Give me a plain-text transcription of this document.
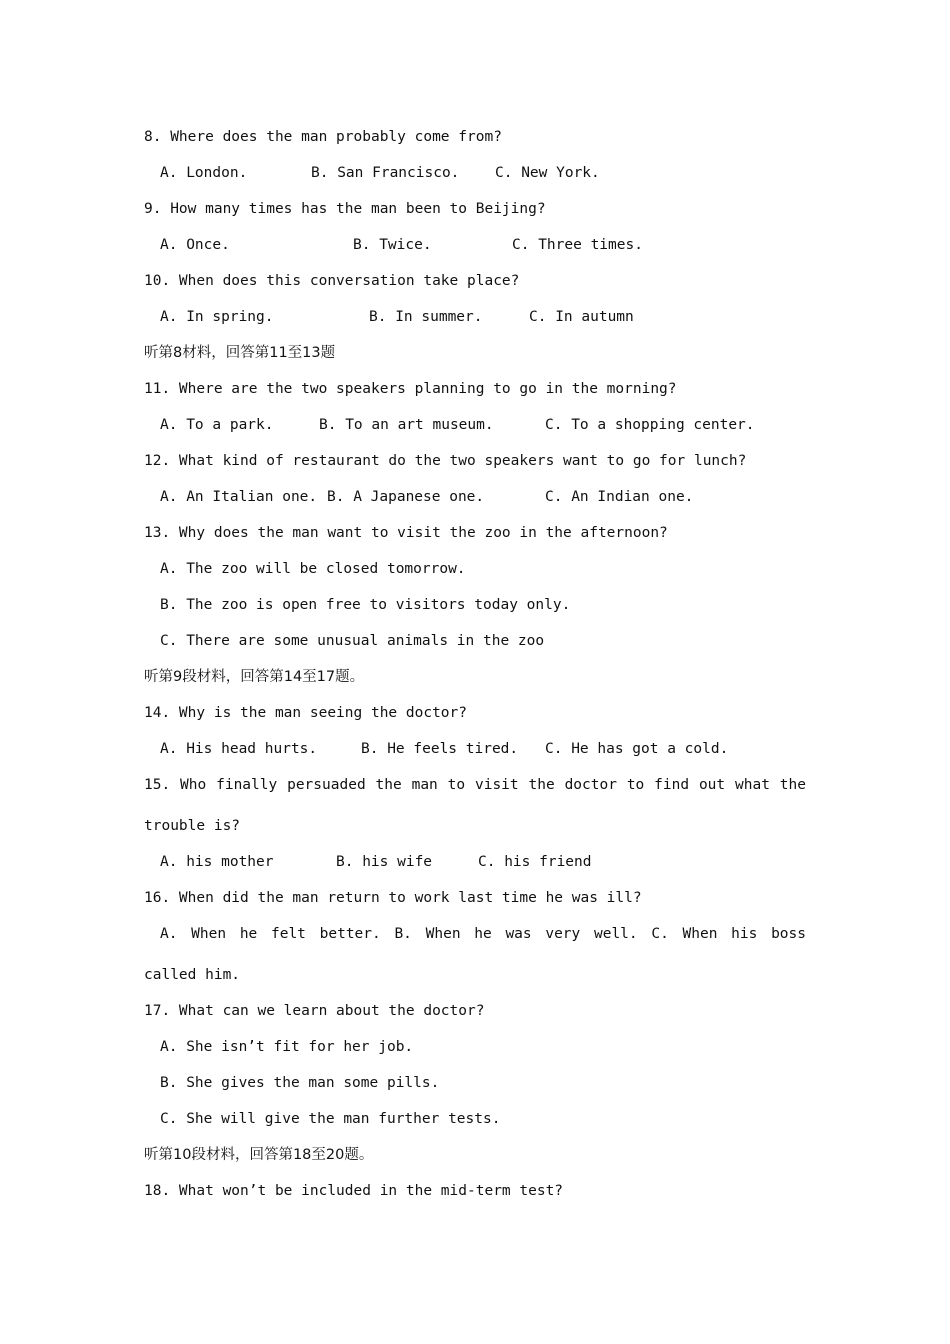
8. Where does the man probably come from?
A. London.	B. San Francisco. C. New York.
9. How many times has the man been to Beijing?
A. Once.	B. Twice.	C. Three times.
10. When does this conversation take place?
A. In spring.	B. In summer.	C. In autumn
听第8材料，回答第11至13题
11. Where are the two speakers planning to go in the morning?
A. To a park.	B. To an art museum.	C. To a shopping center.
12. What kind of restaurant do the two speakers want to go for lunch?
A. An Italian one. B. A Japanese one.	C. An Indian one.
13. Why does the man want to visit the zoo in the afternoon?
A. The zoo will be closed tomorrow.
B. The zoo is open free to visitors today only.
C. There are some unusual animals in the zoo
听第9段材料，回答第14至17题。
14. Why is the man seeing the doctor?
A. His head hurts.	B. He feels tired. C. He has got a cold.
15. Who finally persuaded the man to visit the doctor to find out what the
trouble is?
A. his mother	B. his wife	C. his friend
16. When did the man return to work last time he was ill?
A. When he felt better. B. When he was very well. C. When his boss
called him.
17. What can we learn about the doctor?
A. She isn’t fit for her job.
B. She gives the man some pills.
C. She will give the man further tests.
听第10段材料，回答第18至20题。
18. What won’t be included in the mid-term test?
